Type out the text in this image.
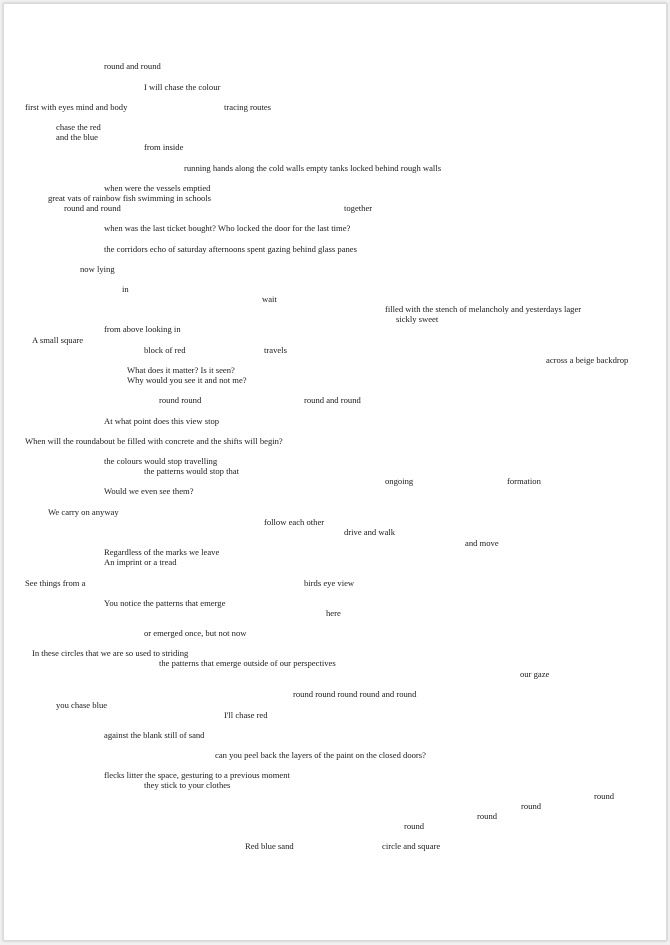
round and round
I will chase the colour
first with eyes mind and body	tracing routes
chase the red
and the blue
from inside
running hands along the cold walls empty tanks locked behind rough walls
when were the vessels emptied
great vats of rainbow fish swimming in schools
round and round	together
when was the last ticket bought? Who locked the door for the last time?
the corridors echo of saturday afternoons spent gazing behind glass panes
now lying
in
wait
filled with the stench of melancholy and yesterdays lager
sickly sweet
from above looking in
A small square
block of red	travels
across a beige backdrop
What does it matter? Is it seen?
Why would you see it and not me?
round round	round and round
At what point does this view stop
When will the roundabout be filled with concrete and the shifts will begin?
the colours would stop travelling
the patterns would stop that
ongoing	formation
Would we even see them?
We carry on anyway
follow each other
drive and walk
and move
Regardless of the marks we leave
An imprint or a tread
See things from a	birds eye view
You notice the patterns that emerge
here
or emerged once, but not now
In these circles that we are so used to striding
the patterns that emerge outside of our perspectives
our gaze
round round round round and round
you chase blue
I'll chase red
against the blank still of sand
can you peel back the layers of the paint on the closed doors?
flecks litter the space, gesturing to a previous moment
they stick to your clothes
round
round
round
round
Red blue sand	circle and square
